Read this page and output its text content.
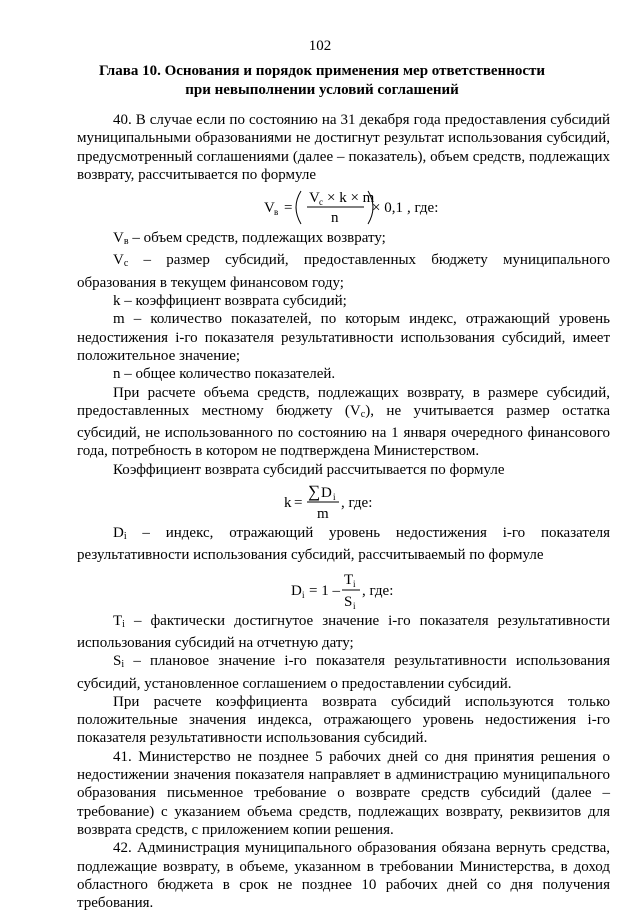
102
Глава 10. Основания и порядок применения мер ответственности
при невыполнении условий соглашений

40. В случае если по состоянию на 31 декабря года предоставления субсидий муниципальными образованиями не достигнут результат использования субсидий, предусмотренный соглашениями (далее – показатель), объем средств, подлежащих возврату, рассчитывается по формуле

V в =
V с × k × m
n
× 0,1 , где:

$V_в$ – объем средств, подлежащих возврату;

$V_с$ – размер субсидий, предоставленных бюджету муниципального образования в текущем финансовом году;

k – коэффициент возврата субсидий;

m – количество показателей, по которым индекс, отражающий уровень недостижения i-го показателя результативности использования субсидий, имеет положительное значение;

n – общее количество показателей.

При расчете объема средств, подлежащих возврату, в размере субсидий, предоставленных местному бюджету $(V_с)$, не учитывается размер остатка субсидий, не использованного по состоянию на 1 января очередного финансового года, потребность в котором не подтверждена Министерством.

Коэффициент возврата субсидий рассчитывается по формуле

k =
∑ D i
m
, где:

$D_i$ – индекс, отражающий уровень недостижения i-го показателя результативности использования субсидий, рассчитываемый по формуле

D i = 1 –
T i
S i
, где:

$T_i$ – фактически достигнутое значение i-го показателя результативности использования субсидий на отчетную дату;

$S_i$ – плановое значение i-го показателя результативности использования субсидий, установленное соглашением о предоставлении субсидий.

При расчете коэффициента возврата субсидий используются только положительные значения индекса, отражающего уровень недостижения i-го показателя результативности использования субсидий.

41. Министерство не позднее 5 рабочих дней со дня принятия решения о недостижении значения показателя направляет в администрацию муниципального образования письменное требование о возврате средств субсидий (далее – требование) с указанием объема средств, подлежащих возврату, реквизитов для возврата средств, с приложением копии решения.

42. Администрация муниципального образования обязана вернуть средства, подлежащие возврату, в объеме, указанном в требовании Министерства, в доход областного бюджета в срок не позднее 10 рабочих дней со дня получения требования.
